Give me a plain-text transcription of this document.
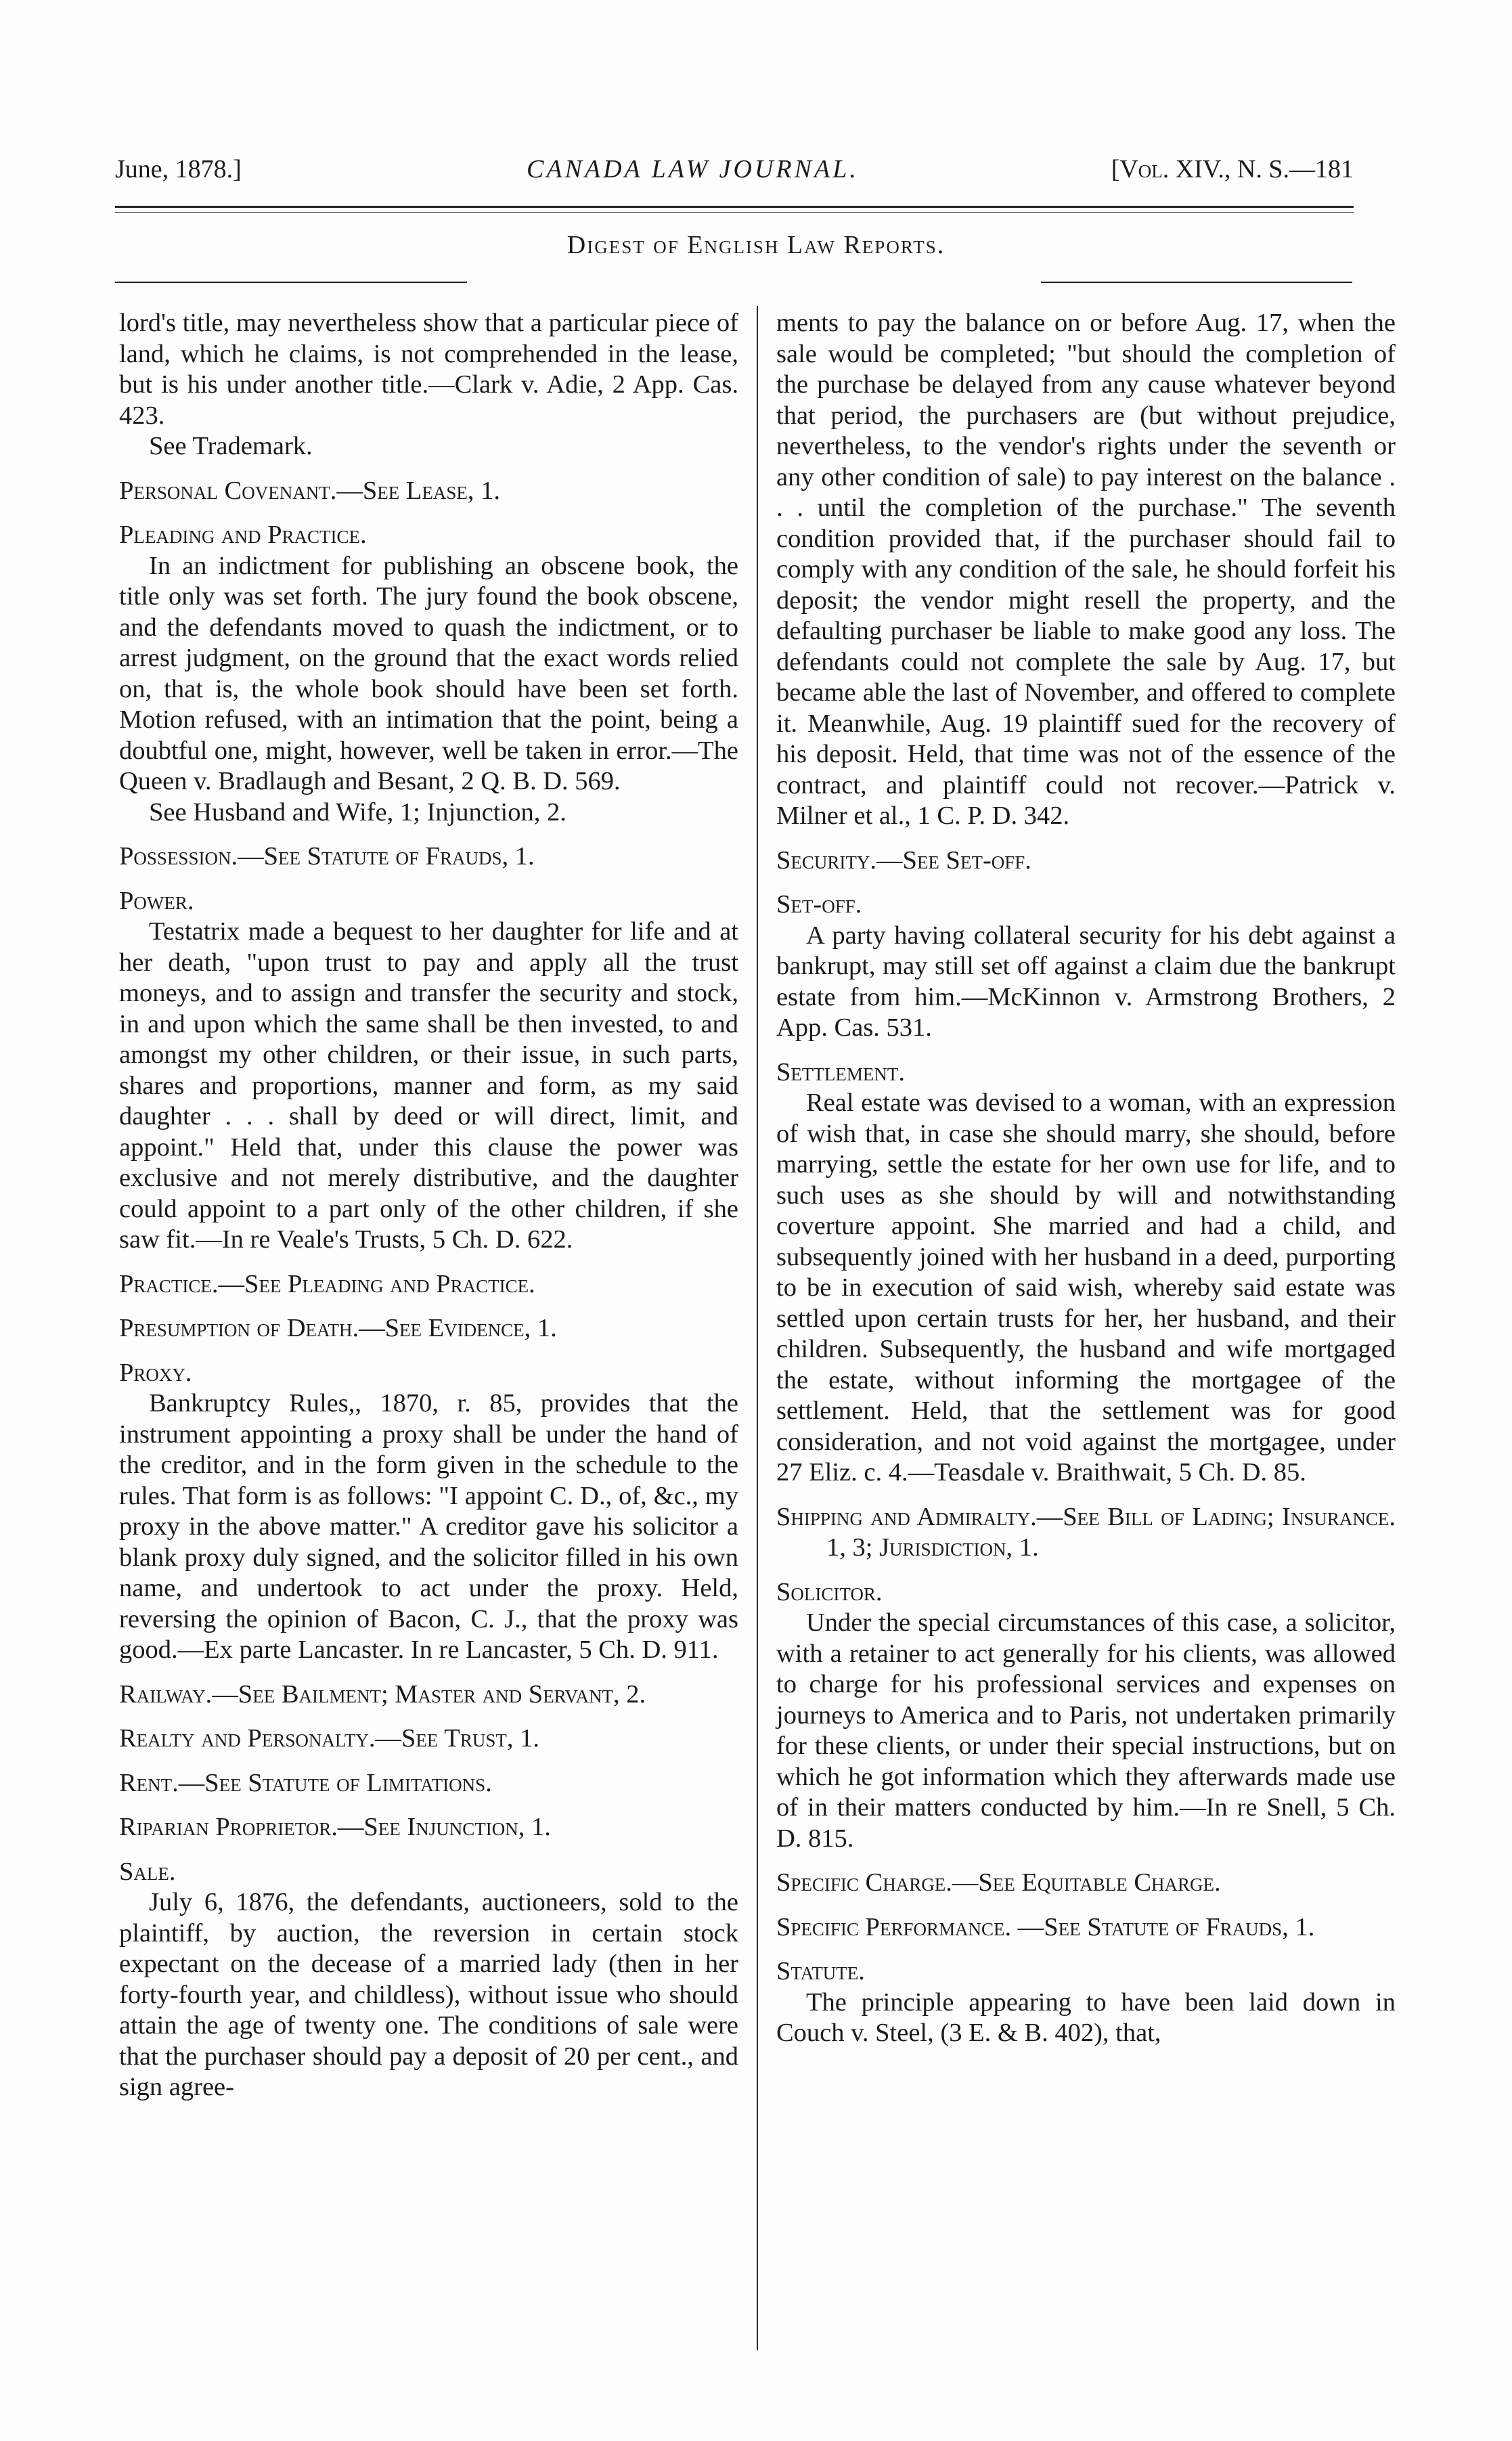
June, 1878.]	CANADA LAW JOURNAL.	[Vol. XIV., N. S.—181
Digest of English Law Reports.

lord's title, may nevertheless show that a particular piece of land, which he claims, is not comprehended in the lease, but is his under another title.—Clark v. Adie, 2 App. Cas. 423.

See Trademark.

Personal Covenant.—See Lease, 1.
Pleading and Practice.

In an indictment for publishing an obscene book, the title only was set forth. The jury found the book obscene, and the defendants moved to quash the indictment, or to arrest judgment, on the ground that the exact words relied on, that is, the whole book should have been set forth. Motion refused, with an intimation that the point, being a doubtful one, might, however, well be taken in error.—The Queen v. Bradlaugh and Besant, 2 Q. B. D. 569.

See Husband and Wife, 1; Injunction, 2.

Possession.—See Statute of Frauds, 1.
Power.

Testatrix made a bequest to her daughter for life and at her death, "upon trust to pay and apply all the trust moneys, and to assign and transfer the security and stock, in and upon which the same shall be then invested, to and amongst my other children, or their issue, in such parts, shares and proportions, manner and form, as my said daughter . . . shall by deed or will direct, limit, and appoint." Held that, under this clause the power was exclusive and not merely distributive, and the daughter could appoint to a part only of the other children, if she saw fit.—In re Veale's Trusts, 5 Ch. D. 622.

Practice.—See Pleading and Practice.
Presumption of Death.—See Evidence, 1.
Proxy.

Bankruptcy Rules,, 1870, r. 85, provides that the instrument appointing a proxy shall be under the hand of the creditor, and in the form given in the schedule to the rules. That form is as follows: "I appoint C. D., of, &c., my proxy in the above matter." A creditor gave his solicitor a blank proxy duly signed, and the solicitor filled in his own name, and undertook to act under the proxy. Held, reversing the opinion of Bacon, C. J., that the proxy was good.—Ex parte Lancaster. In re Lancaster, 5 Ch. D. 911.

Railway.—See Bailment; Master and Servant, 2.
Realty and Personalty.—See Trust, 1.
Rent.—See Statute of Limitations.
Riparian Proprietor.—See Injunction, 1.
Sale.

July 6, 1876, the defendants, auctioneers, sold to the plaintiff, by auction, the reversion in certain stock expectant on the decease of a married lady (then in her forty-fourth year, and childless), without issue who should attain the age of twenty one. The conditions of sale were that the purchaser should pay a deposit of 20 per cent., and sign agree-

ments to pay the balance on or before Aug. 17, when the sale would be completed; "but should the completion of the purchase be delayed from any cause whatever beyond that period, the purchasers are (but without prejudice, nevertheless, to the vendor's rights under the seventh or any other condition of sale) to pay interest on the balance . . . until the completion of the purchase." The seventh condition provided that, if the purchaser should fail to comply with any condition of the sale, he should forfeit his deposit; the vendor might resell the property, and the defaulting purchaser be liable to make good any loss. The defendants could not complete the sale by Aug. 17, but became able the last of November, and offered to complete it. Meanwhile, Aug. 19 plaintiff sued for the recovery of his deposit. Held, that time was not of the essence of the contract, and plaintiff could not recover.—Patrick v. Milner et al., 1 C. P. D. 342.

Security.—See Set-off.
Set-off.

A party having collateral security for his debt against a bankrupt, may still set off against a claim due the bankrupt estate from him.—McKinnon v. Armstrong Brothers, 2 App. Cas. 531.

Settlement.

Real estate was devised to a woman, with an expression of wish that, in case she should marry, she should, before marrying, settle the estate for her own use for life, and to such uses as she should by will and notwithstanding coverture appoint. She married and had a child, and subsequently joined with her husband in a deed, purporting to be in execution of said wish, whereby said estate was settled upon certain trusts for her, her husband, and their children. Subsequently, the husband and wife mortgaged the estate, without informing the mortgagee of the settlement. Held, that the settlement was for good consideration, and not void against the mortgagee, under 27 Eliz. c. 4.—Teasdale v. Braithwait, 5 Ch. D. 85.

Shipping and Admiralty.—See Bill of Lading; Insurance. 1, 3; Jurisdiction, 1.
Solicitor.

Under the special circumstances of this case, a solicitor, with a retainer to act generally for his clients, was allowed to charge for his professional services and expenses on journeys to America and to Paris, not undertaken primarily for these clients, or under their special instructions, but on which he got information which they afterwards made use of in their matters conducted by him.—In re Snell, 5 Ch. D. 815.

Specific Charge.—See Equitable Charge.
Specific Performance. —See Statute of Frauds, 1.
Statute.

The principle appearing to have been laid down in Couch v. Steel, (3 E. & B. 402), that,
